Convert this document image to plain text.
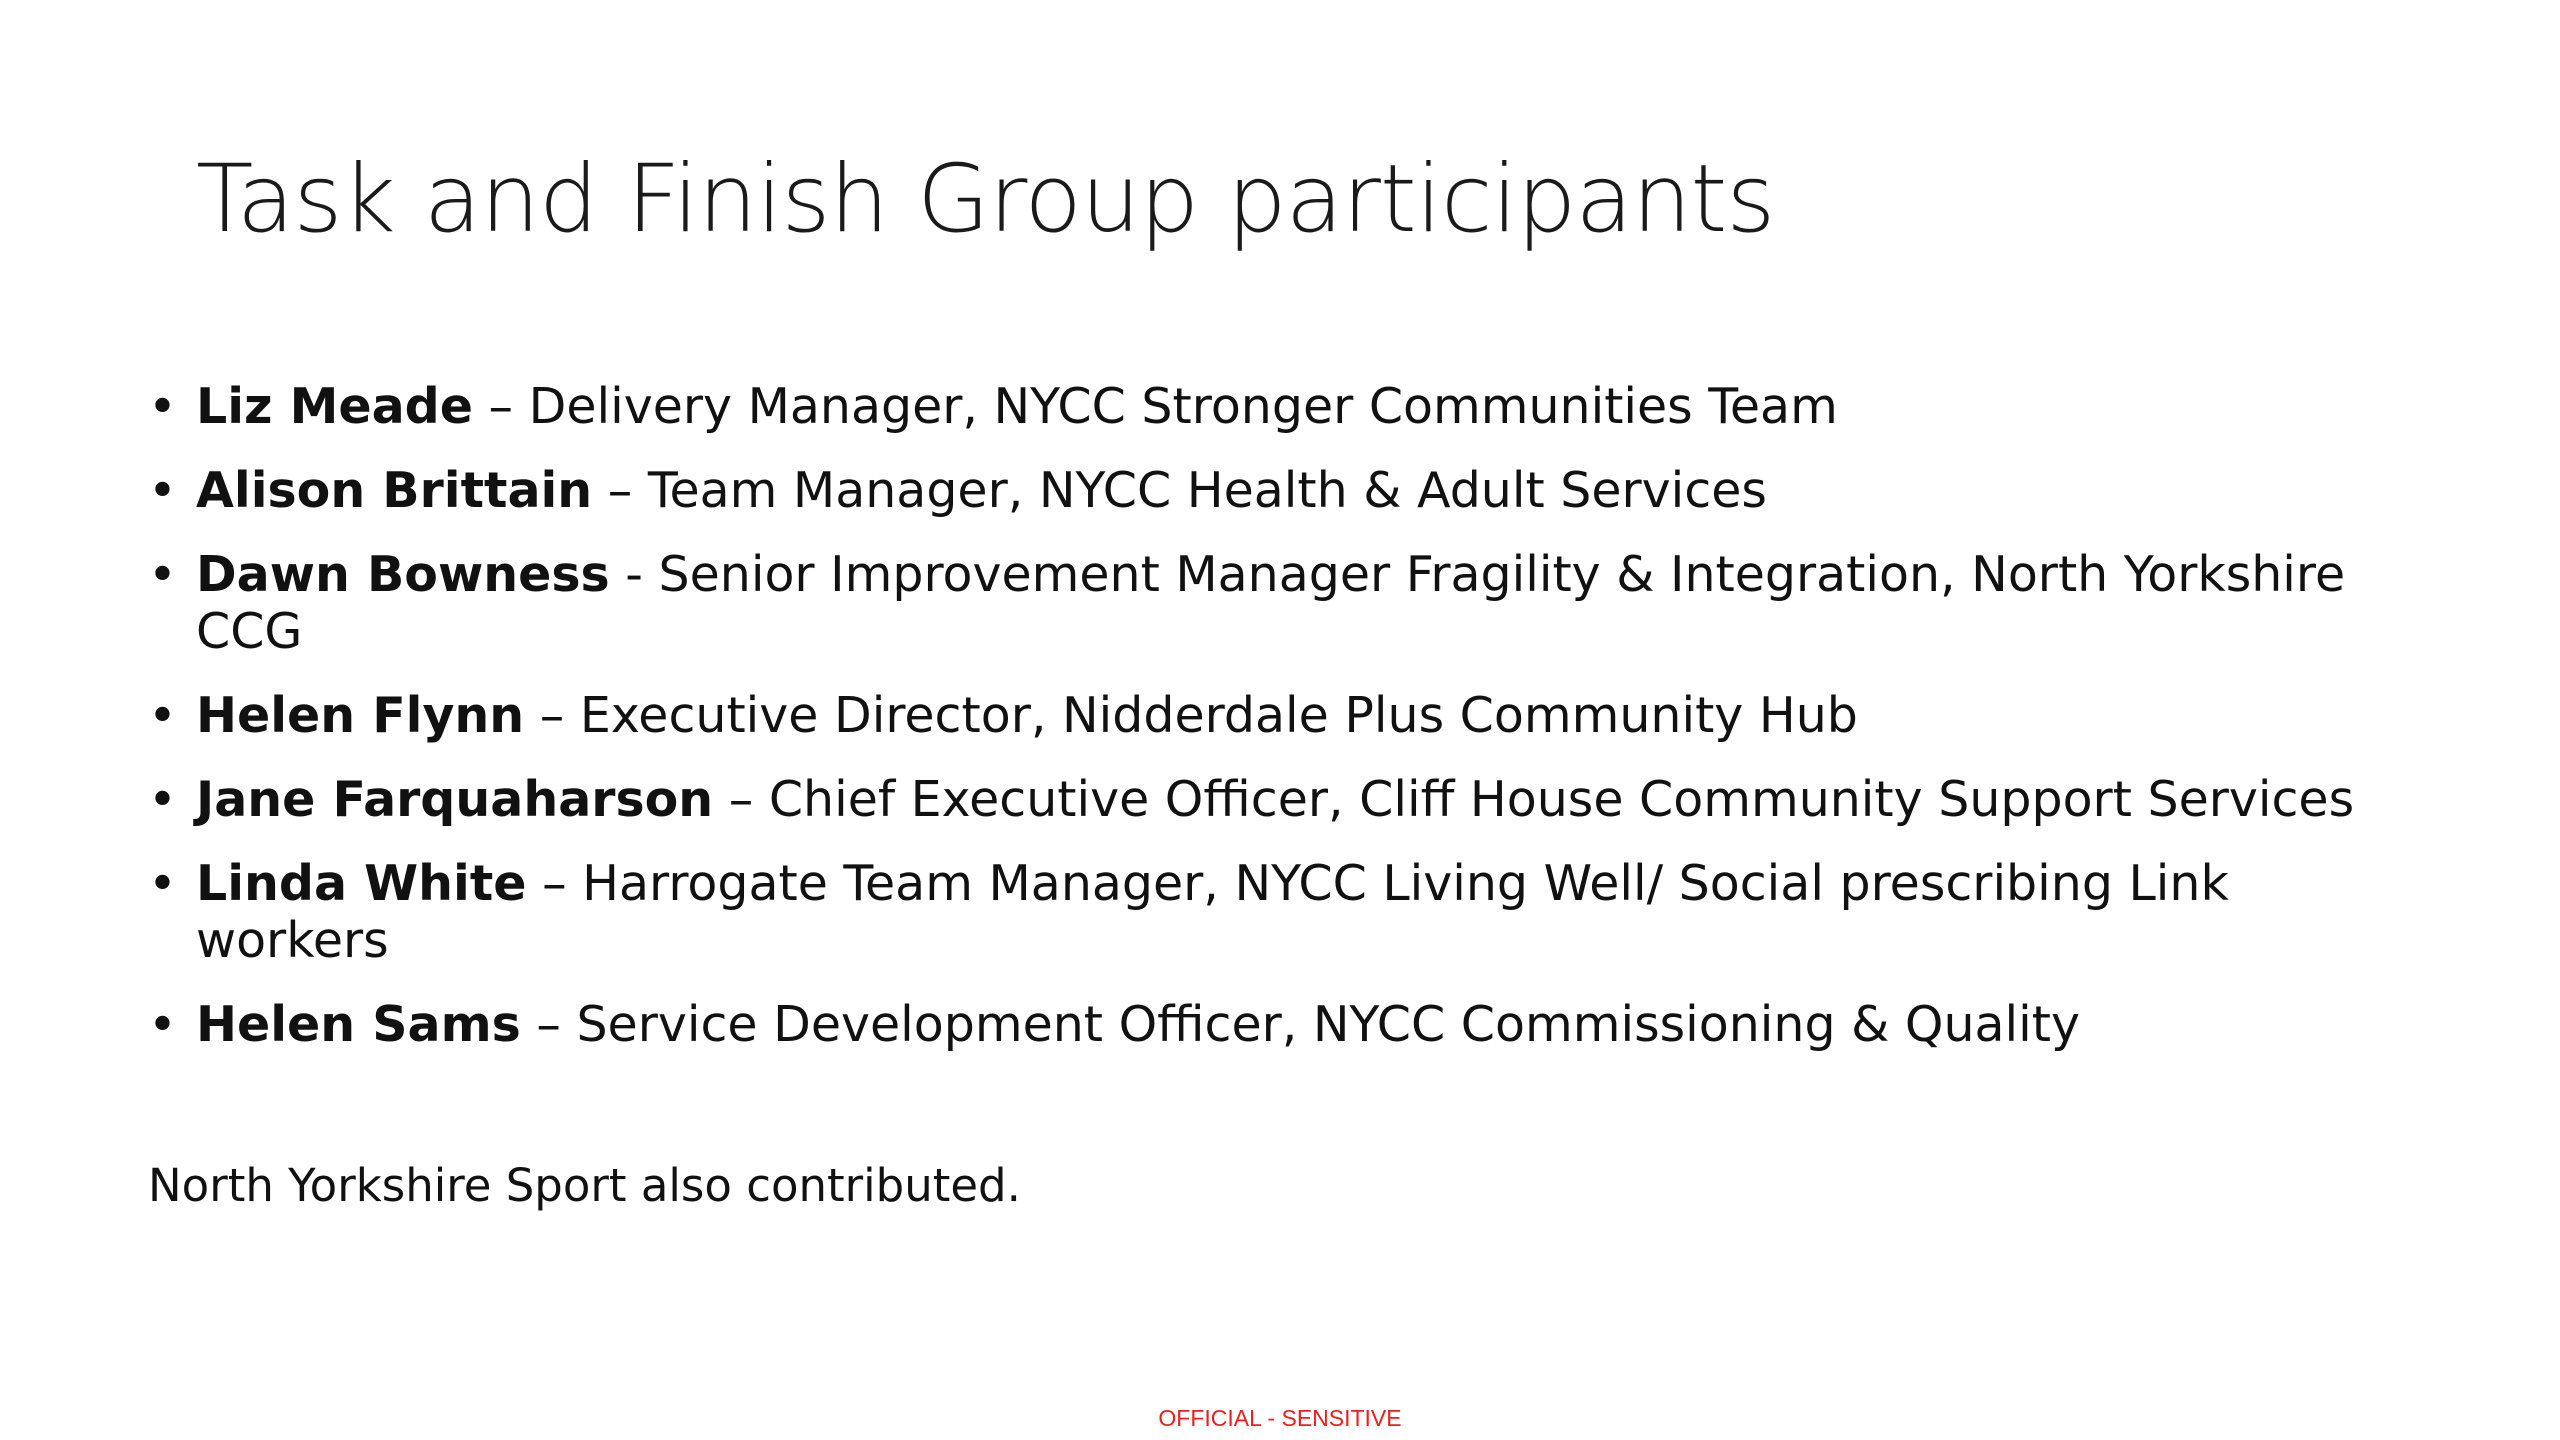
Task and Finish Group participants
• Liz Meade – Delivery Manager, NYCC Stronger Communities Team
• Alison Brittain – Team Manager, NYCC Health & Adult Services
• Dawn Bowness - Senior Improvement Manager Fragility & Integration, North Yorkshire CCG
• Helen Flynn – Executive Director, Nidderdale Plus Community Hub
• Jane Farquaharson – Chief Executive Officer, Cliff House Community Support Services
• Linda White – Harrogate Team Manager, NYCC Living Well/ Social prescribing Link workers
• Helen Sams – Service Development Officer, NYCC Commissioning & Quality

North Yorkshire Sport also contributed.

OFFICIAL - SENSITIVE
